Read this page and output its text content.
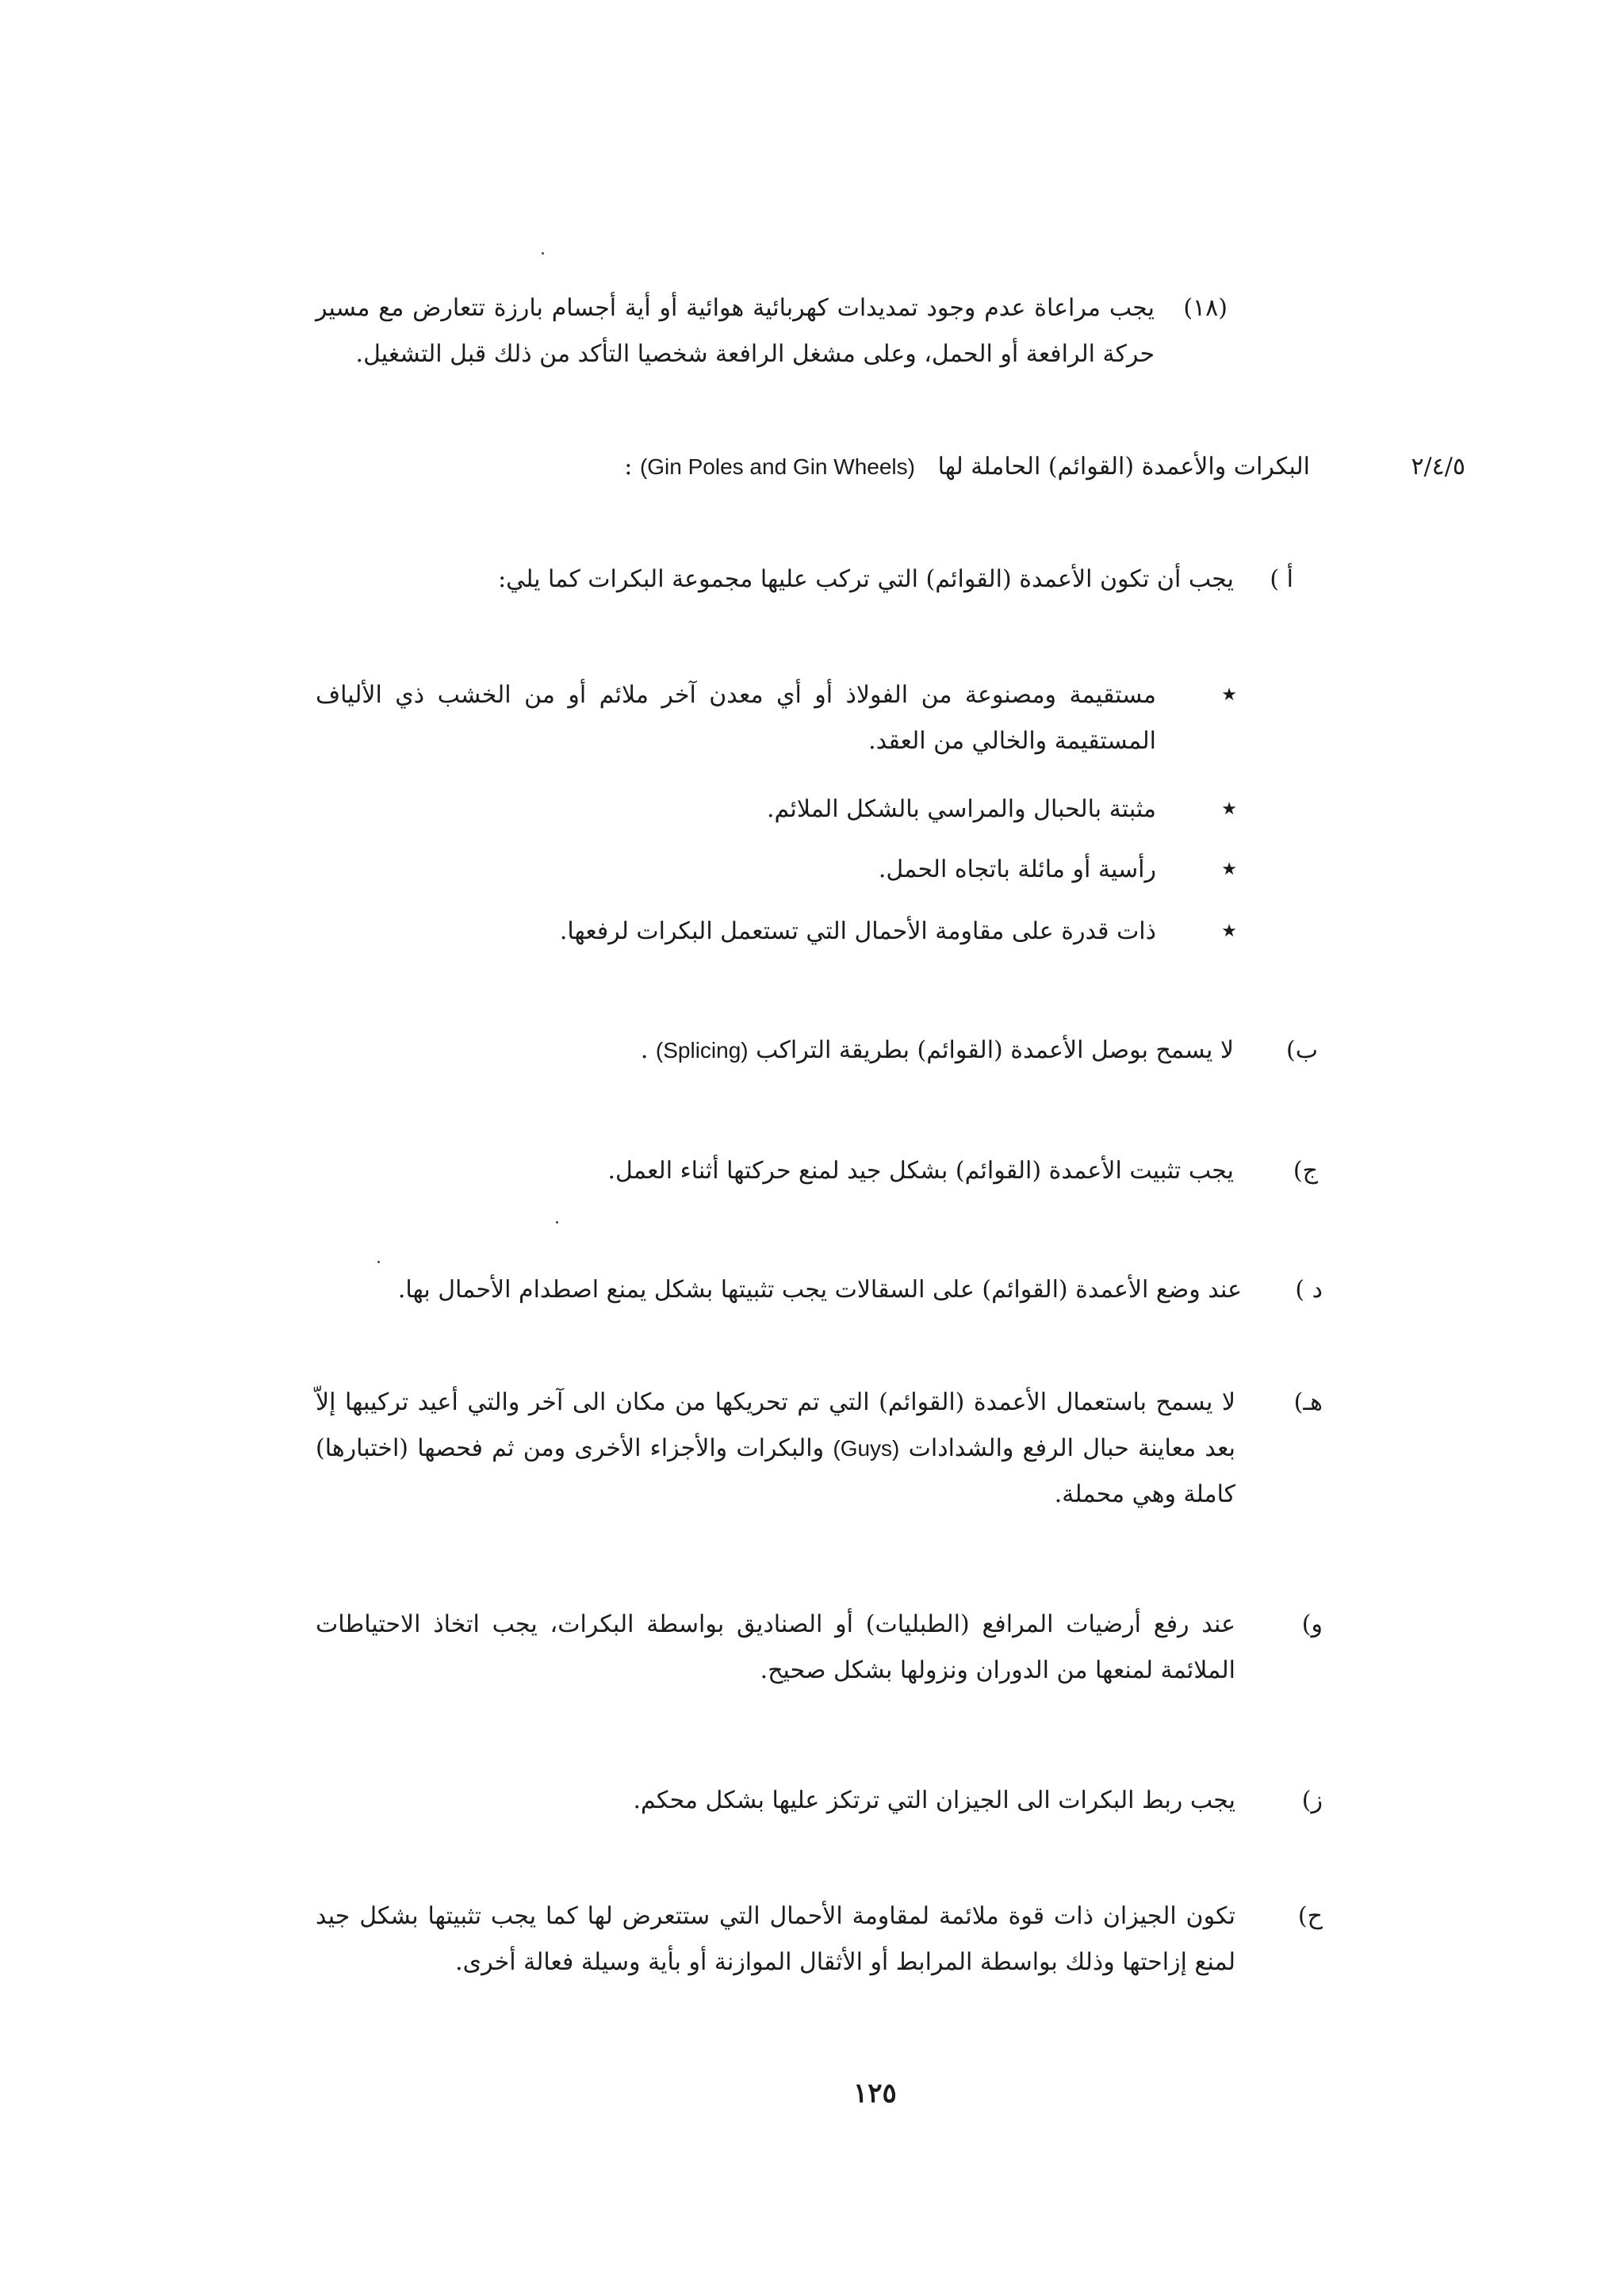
(١٨)
يجب مراعاة عدم وجود تمديدات كهربائية هوائية أو أية أجسام بارزة تتعارض مع مسير حركة الرافعة أو الحمل، وعلى مشغل الرافعة شخصيا التأكد من ذلك قبل التشغيل.
٢/٤/٥
البكرات والأعمدة (القوائم) الحاملة لها   (Gin Poles and Gin Wheels) :
أ )
يجب أن تكون الأعمدة (القوائم) التي تركب عليها مجموعة البكرات كما يلي:
★
مستقيمة ومصنوعة من الفولاذ أو أي معدن آخر ملائم أو من الخشب ذي الألياف المستقيمة والخالي من العقد.
★
مثبتة بالحبال والمراسي بالشكل الملائم.
★
رأسية أو مائلة باتجاه الحمل.
★
ذات قدرة على مقاومة الأحمال التي تستعمل البكرات لرفعها.
ب)
لا يسمح بوصل الأعمدة (القوائم) بطريقة التراكب (Splicing) .
ج)
يجب تثبيت الأعمدة (القوائم) بشكل جيد لمنع حركتها أثناء العمل.
د )
عند وضع الأعمدة (القوائم) على السقالات يجب تثبيتها بشكل يمنع اصطدام الأحمال بها.
هـ)
لا يسمح باستعمال الأعمدة (القوائم) التي تم تحريكها من مكان الى آخر والتي أعيد تركيبها إلاّ بعد معاينة حبال الرفع والشدادات (Guys) والبكرات والأجزاء الأخرى ومن ثم فحصها (اختبارها) كاملة وهي محملة.
و)
عند رفع أرضيات المرافع (الطبليات) أو الصناديق بواسطة البكرات، يجب اتخاذ الاحتياطات الملائمة لمنعها من الدوران ونزولها بشكل صحيح.
ز)
يجب ربط البكرات الى الجيزان التي ترتكز عليها بشكل محكم.
ح)
تكون الجيزان ذات قوة ملائمة لمقاومة الأحمال التي ستتعرض لها كما يجب تثبيتها بشكل جيد لمنع إزاحتها وذلك بواسطة المرابط أو الأثقال الموازنة أو بأية وسيلة فعالة أخرى.
١٢٥
